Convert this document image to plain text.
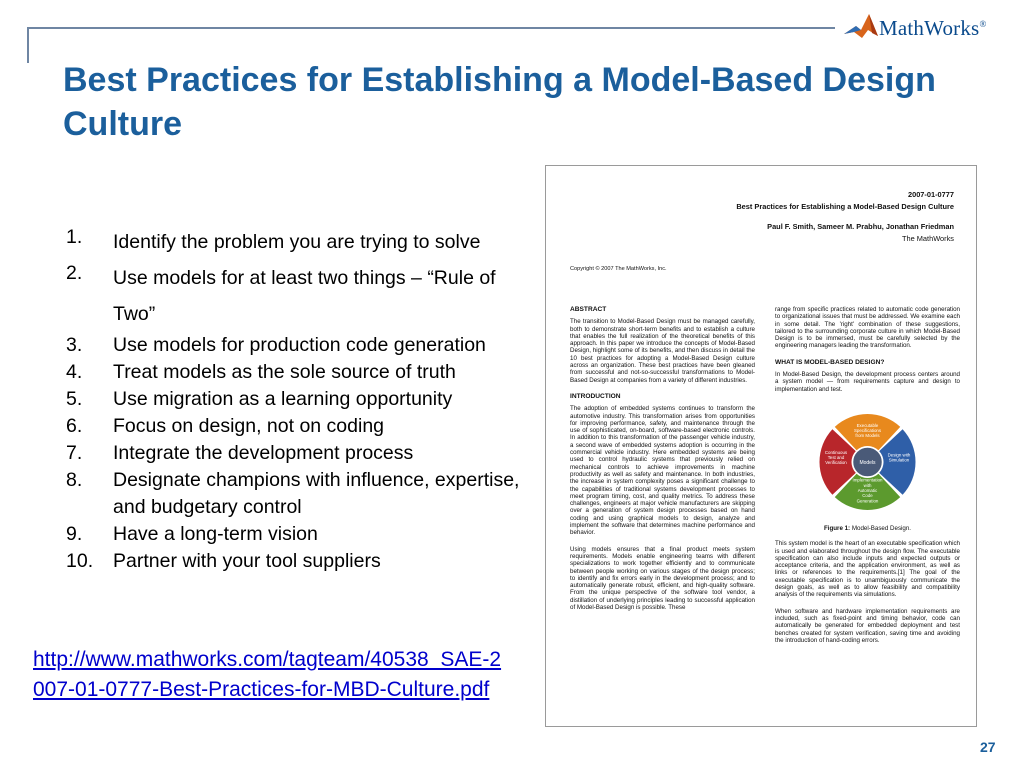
MathWorks®
Best Practices for Establishing a Model-Based Design Culture
1.	Identify the problem you are trying to solve
2.	Use models for at least two things – “Rule of Two”
3.	Use models for production code generation
4.	Treat models as the sole source of truth
5.	Use migration as a learning opportunity
6.	Focus on design, not on coding
7.	Integrate the development process
8.	Designate champions with influence, expertise, and budgetary control
9.	Have a long-term vision
10.	Partner with your tool suppliers
http://www.mathworks.com/tagteam/40538_SAE-2007-01-0777-Best-Practices-for-MBD-Culture.pdf
2007-01-0777
Best Practices for Establishing a Model-Based Design Culture
Paul F. Smith, Sameer M. Prabhu, Jonathan Friedman
The MathWorks
Copyright © 2007 The MathWorks, Inc.
ABSTRACT

The transition to Model-Based Design must be managed carefully, both to demonstrate short-term benefits and to establish a culture that enables the full realization of the theoretical benefits of this approach. In this paper we introduce the concepts of Model-Based Design, highlight some of its benefits, and then discuss in detail the 10 best practices for adopting a Model-Based Design culture across an organization. These best practices have been gleaned from successful and not-so-successful transformations to Model-Based Design at companies from a variety of different industries.

INTRODUCTION

The adoption of embedded systems continues to transform the automotive industry. This transformation arises from opportunities for improving performance, safety, and maintenance through the use of sophisticated, on-board, software-based electronic controls. In addition to this transformation of the passenger vehicle industry, a second wave of embedded systems adoption is occurring in the commercial vehicle industry. Here embedded systems are being used to control hydraulic systems that previously relied on mechanical controls to achieve improvements in machine productivity as well as safety and maintenance. In both industries, the increase in system complexity poses a significant challenge to the capabilities of traditional systems development processes to meet program timing, cost, and quality metrics. To address these challenges, engineers at major vehicle manufacturers are skipping over a generation of system design processes based on hand coding and using graphical models to design, analyze and implement the software that determines machine performance and behavior.

Using models ensures that a final product meets system requirements. Models enable engineering teams with different specializations to work together efficiently and to communicate between people working on various stages of the design process; to identify and fix errors early in the development process; and to automatically generate robust, efficient, and high-quality software. From the unique perspective of the software tool vendor, a distillation of underlying principles leading to successful application of Model-Based Design is possible. These

range from specific practices related to automatic code generation to organizational issues that must be addressed. We examine each in some detail. The 'right' combination of these suggestions, tailored to the surrounding corporate culture in which Model-Based Design is to be immersed, must be carefully selected by the engineering managers leading the transformation.

WHAT IS MODEL-BASED DESIGN?

In Model-Based Design, the development process centers around a system model — from requirements capture and design to implementation and test.

Models
Executable Specifications from Models
Design with Simulation
Implementation with Automatic Code Generation
Continuous Test and Verification
Figure 1: Model-Based Design.

This system model is the heart of an executable specification which is used and elaborated throughout the design flow. The executable specification can also include inputs and expected outputs or acceptance criteria, and the application environment, as well as links or references to the requirements.[1] The goal of the executable specification is to unambiguously communicate the design goals, as well as to allow feasibility and compatibility analysis of the requirements via simulations.

When software and hardware implementation requirements are included, such as fixed-point and timing behavior, code can automatically be generated for embedded deployment and test benches created for system verification, saving time and avoiding the introduction of hand-coding errors.

27
